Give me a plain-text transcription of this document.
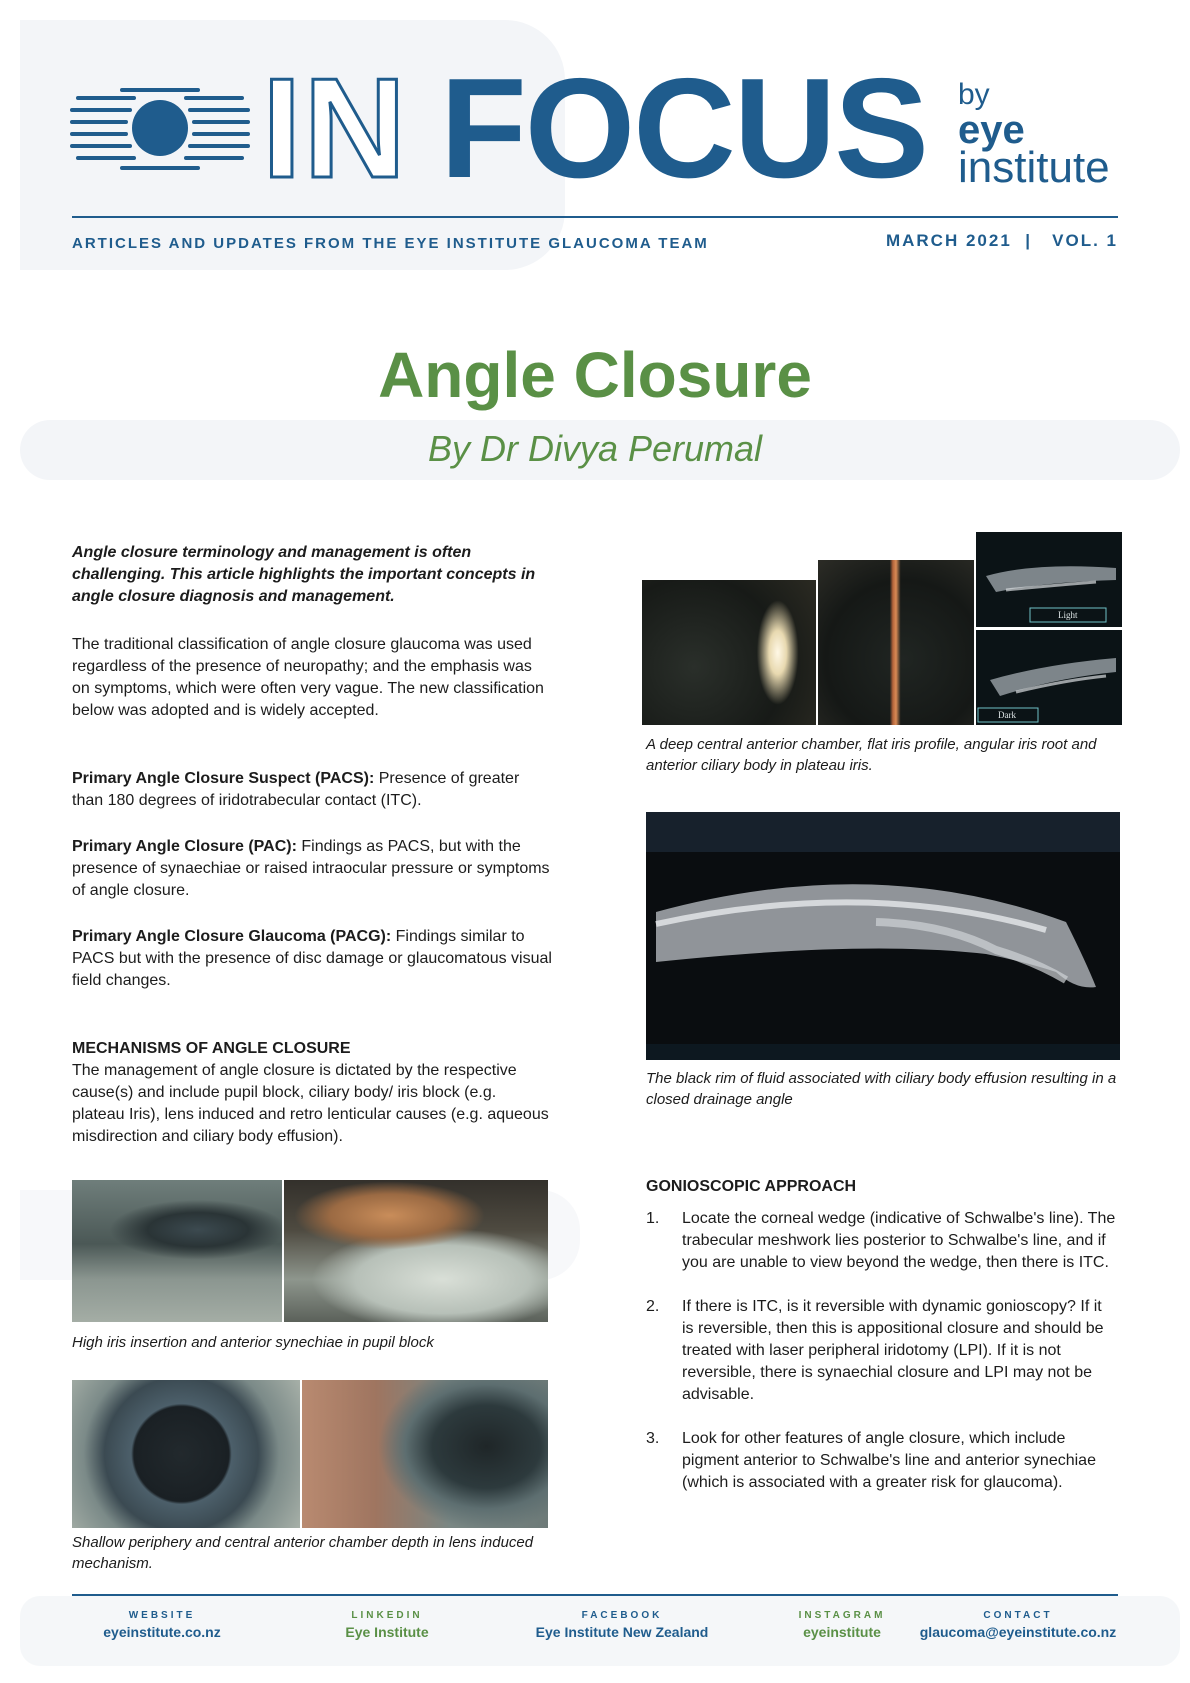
IN FOCUS by
eye
institute
ARTICLES AND UPDATES FROM THE EYE INSTITUTE GLAUCOMA TEAM	MARCH 2021  |   VOL. 1
Angle Closure
By Dr Divya Perumal
Angle closure terminology and management is often challenging. This article highlights the important concepts in angle closure diagnosis and management.
The traditional classification of angle closure glaucoma was used regardless of the presence of neuropathy; and the emphasis was on symptoms, which were often very vague. The new classification below was adopted and is widely accepted.
Primary Angle Closure Suspect (PACS): Presence of greater than 180 degrees of iridotrabecular contact (ITC).
Primary Angle Closure (PAC): Findings as PACS, but with the presence of synaechiae or raised intraocular pressure or symptoms of angle closure.
Primary Angle Closure Glaucoma (PACG): Findings similar to PACS but with the presence of disc damage or glaucomatous visual field changes.
MECHANISMS OF ANGLE CLOSURE
The management of angle closure is dictated by the respective cause(s) and include pupil block, ciliary body/ iris block (e.g. plateau Iris), lens induced and retro lenticular causes (e.g. aqueous misdirection and ciliary body effusion).
High iris insertion and anterior synechiae in pupil block
Shallow periphery and central anterior chamber depth in lens induced mechanism.
Light
Dark
A deep central anterior chamber, flat iris profile, angular iris root and anterior ciliary body in plateau iris.
The black rim of fluid associated with ciliary body effusion resulting in a closed drainage angle
GONIOSCOPIC APPROACH
1. Locate the corneal wedge (indicative of Schwalbe's line). The trabecular meshwork lies posterior to Schwalbe's line, and if you are unable to view beyond the wedge, then there is ITC.
2. If there is ITC, is it reversible with dynamic gonioscopy? If it is reversible, then this is appositional closure and should be treated with laser peripheral iridotomy (LPI). If it is not reversible, there is synaechial closure and LPI may not be advisable.
3. Look for other features of angle closure, which include pigment anterior to Schwalbe's line and anterior synechiae (which is associated with a greater risk for glaucoma).
WEBSITE
eyeinstitute.co.nz
LINKEDIN
Eye Institute
FACEBOOK
Eye Institute New Zealand
INSTAGRAM
eyeinstitute
CONTACT
glaucoma@eyeinstitute.co.nz
